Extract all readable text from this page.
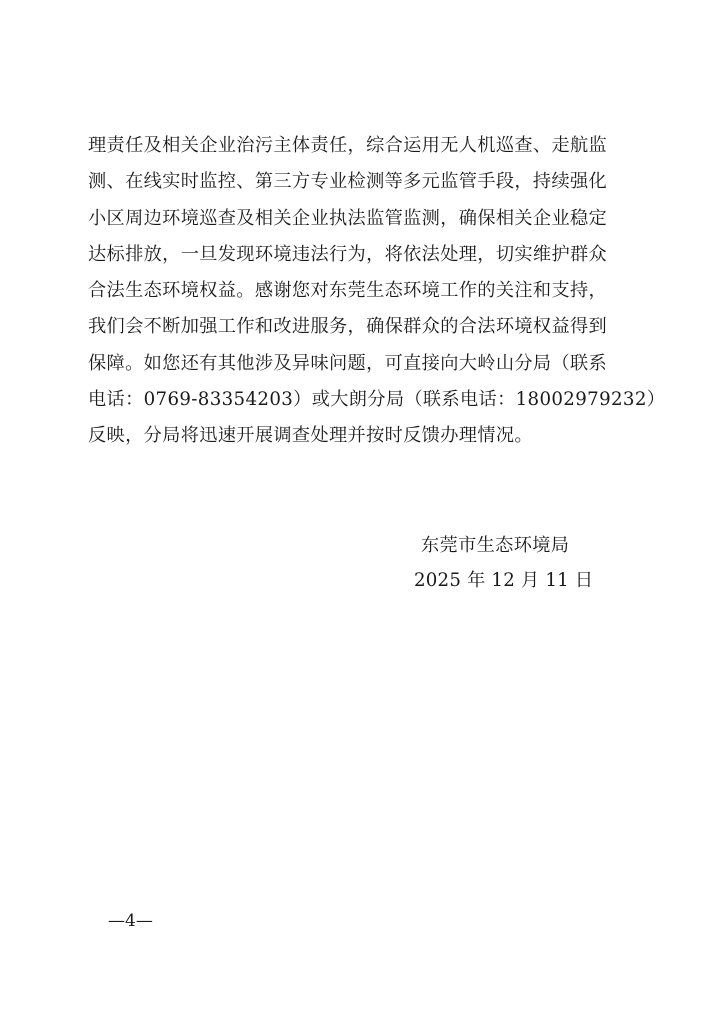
理责任及相关企业治污主体责任，综合运用无人机巡查、走航监
测、在线实时监控、第三方专业检测等多元监管手段，持续强化
小区周边环境巡查及相关企业执法监管监测，确保相关企业稳定
达标排放，一旦发现环境违法行为，将依法处理，切实维护群众
合法生态环境权益。感谢您对东莞生态环境工作的关注和支持，
我们会不断加强工作和改进服务，确保群众的合法环境权益得到
保障。如您还有其他涉及异味问题，可直接向大岭山分局（联系
电话：0769-83354203）或大朗分局（联系电话：18002979232）
反映，分局将迅速开展调查处理并按时反馈办理情况。
东莞市生态环境局
2025 年 12 月 11 日
—4—
